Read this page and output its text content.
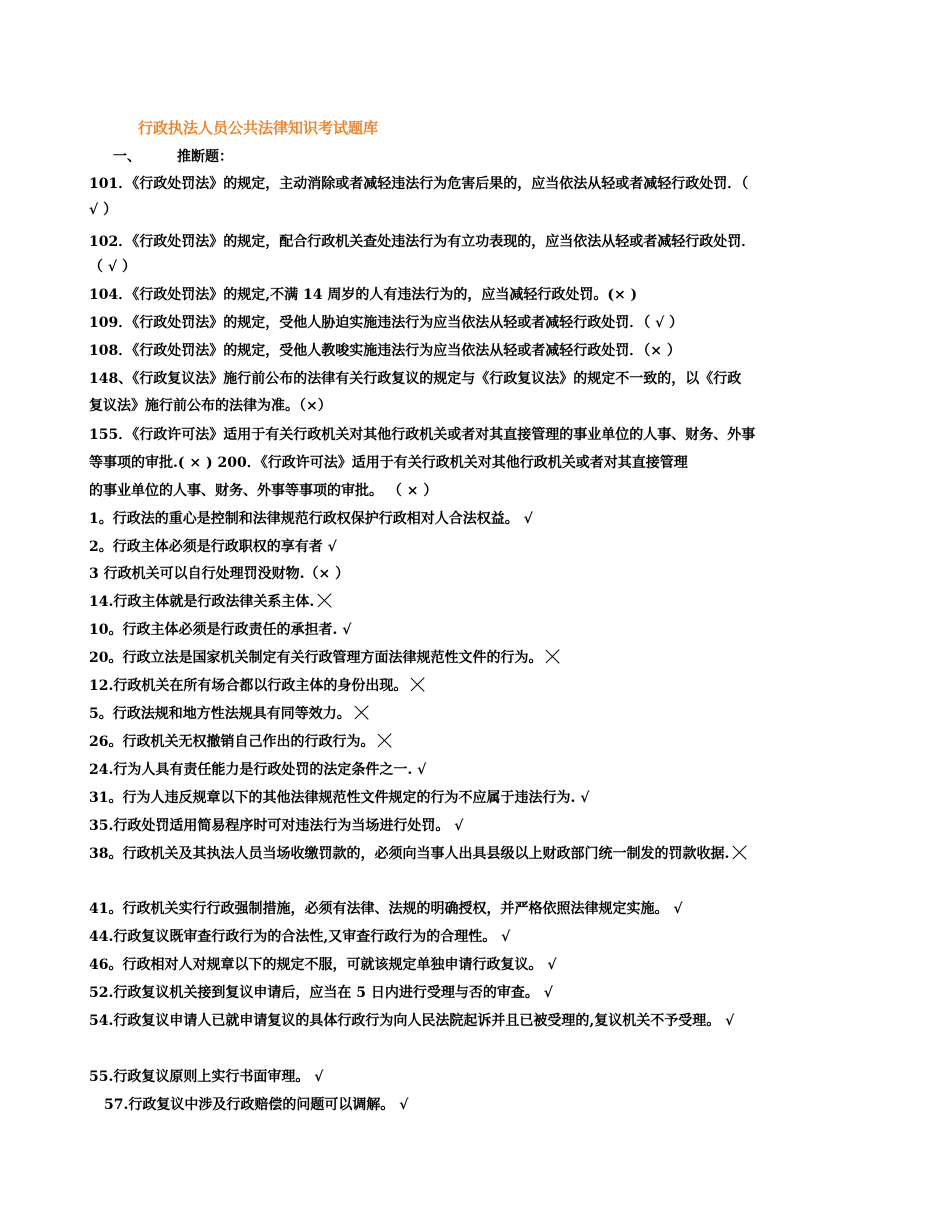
行政执法人员公共法律知识考试题库
一、	推断题：
101．《行政处罚法》的规定，主动消除或者减轻违法行为危害后果的，应当依法从轻或者减轻行政处罚．（
√ ）
102．《行政处罚法》的规定，配合行政机关查处违法行为有立功表现的，应当依法从轻或者减轻行政处罚．
（ √ ）
104．《行政处罚法》的规定,不满 14 周岁的人有违法行为的，应当减轻行政处罚。(× )
109．《行政处罚法》的规定，受他人胁迫实施违法行为应当依法从轻或者减轻行政处罚．（ √ ）
108．《行政处罚法》的规定，受他人教唆实施违法行为应当依法从轻或者减轻行政处罚．（× ）
148、《行政复议法》施行前公布的法律有关行政复议的规定与《行政复议法》的规定不一致的，以《行政
复议法》施行前公布的法律为准。（×）
155．《行政许可法》适用于有关行政机关对其他行政机关或者对其直接管理的事业单位的人事、财务、外事
等事项的审批.( × ) 200．《行政许可法》适用于有关行政机关对其他行政机关或者对其直接管理
的事业单位的人事、财务、外事等事项的审批。 （ × ）
1。行政法的重心是控制和法律规范行政权保护行政相对人合法权益。 √
2。行政主体必须是行政职权的享有者 √
3 行政机关可以自行处理罚没财物.（× ）
14.行政主体就是行政法律关系主体.
10。行政主体必须是行政责任的承担者. √
20。行政立法是国家机关制定有关行政管理方面法律规范性文件的行为。
12.行政机关在所有场合都以行政主体的身份出现。
5。行政法规和地方性法规具有同等效力。
26。行政机关无权撤销自己作出的行政行为。
24.行为人具有责任能力是行政处罚的法定条件之一. √
31。行为人违反规章以下的其他法律规范性文件规定的行为不应属于违法行为. √
35.行政处罚适用简易程序时可对违法行为当场进行处罚。 √
38。行政机关及其执法人员当场收缴罚款的，必须向当事人出具县级以上财政部门统一制发的罚款收据.
41。行政机关实行行政强制措施，必须有法律、法规的明确授权，并严格依照法律规定实施。 √
44.行政复议既审查行政行为的合法性,又审查行政行为的合理性。 √
46。行政相对人对规章以下的规定不服，可就该规定单独申请行政复议。 √
52.行政复议机关接到复议申请后，应当在 5 日内进行受理与否的审查。 √
54.行政复议申请人已就申请复议的具体行政行为向人民法院起诉并且已被受理的,复议机关不予受理。 √
55.行政复议原则上实行书面审理。 √
57.行政复议中涉及行政赔偿的问题可以调解。 √
